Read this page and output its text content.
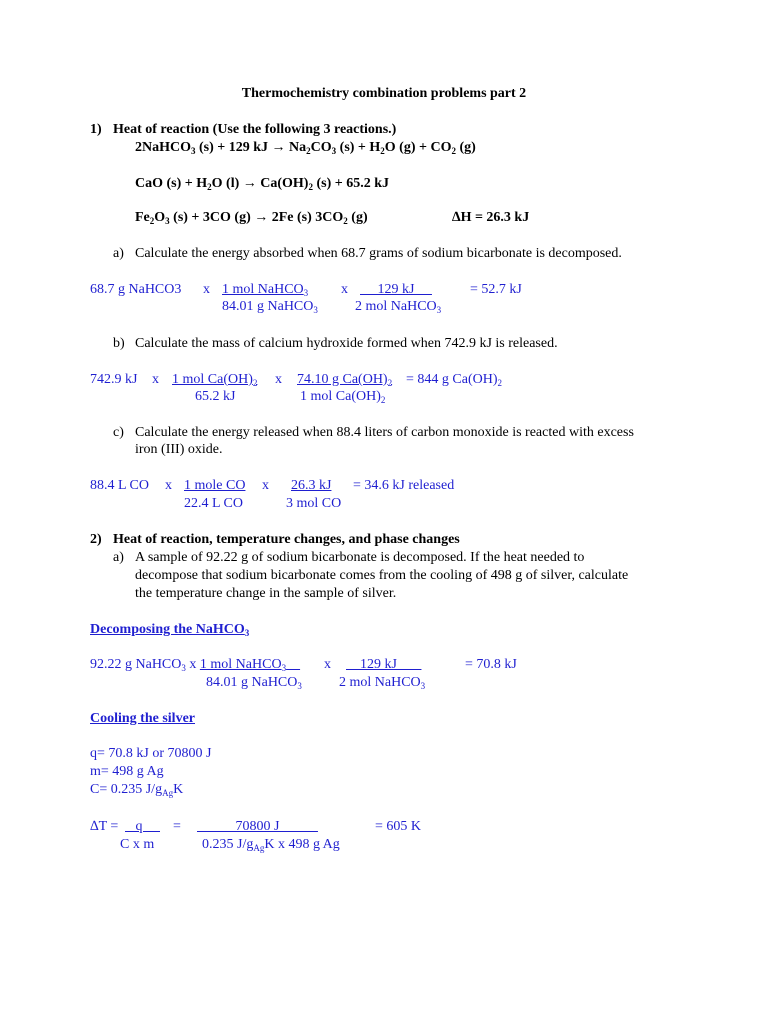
Thermochemistry combination problems part 2
1) Heat of reaction (Use the following 3 reactions.)
2NaHCO$_3$ (s) + 129 kJ → $Na_2CO_3$ $(s) + H_2O$ $(g) + CO_2$ (g)
CaO $(s) + H_2O$ $(l) \to Ca(OH)_2$ (s) + 65.2 kJ
$Fe_2O_3$ (s) + 3CO (g) → 2Fe (s) $3CO_2$ (g)	∆H = 26.3 kJ
a) Calculate the energy absorbed when 68.7 grams of sodium bicarbonate is decomposed.
68.7 g NaHCO3 x 1 mol NaHCO$_3$
84.01 g NaHCO$_3$
x 129 kJ
2 mol NaHCO$_3$
= 52.7 kJ
b) Calculate the mass of calcium hydroxide formed when 742.9 kJ is released.
742.9 kJ x 1 mol $Ca(OH)_2$
65.2 kJ
x 74.10 g $Ca(OH)_2$
1 mol $Ca(OH)_2$
= 844 g $Ca(OH)_2$
c) Calculate the energy released when 88.4 liters of carbon monoxide is reacted with excess
iron (III) oxide.
88.4 L CO x 1 mole CO
22.4 L CO
x 26.3 kJ
3 mol CO
= 34.6 kJ released
2) Heat of reaction, temperature changes, and phase changes
a) A sample of 92.22 g of sodium bicarbonate is decomposed. If the heat needed to
decompose that sodium bicarbonate comes from the cooling of 498 g of silver, calculate
the temperature change in the sample of silver.
Decomposing the NaHCO$_3$
92.22 g NaHCO$_3$ x 1 mol NaHCO$_3$
84.01 g NaHCO$_3$
x 129 kJ
2 mol NaHCO$_3$
= 70.8 kJ
Cooling the silver
q= 70.8 kJ or 70800 J
m= 498 g Ag
C= 0.235 $J/g_{Ag}K$
∆T = q
C x m
= 70800 J
0.235 $J/g_{Ag}K$ x 498 g Ag
= 605 K
